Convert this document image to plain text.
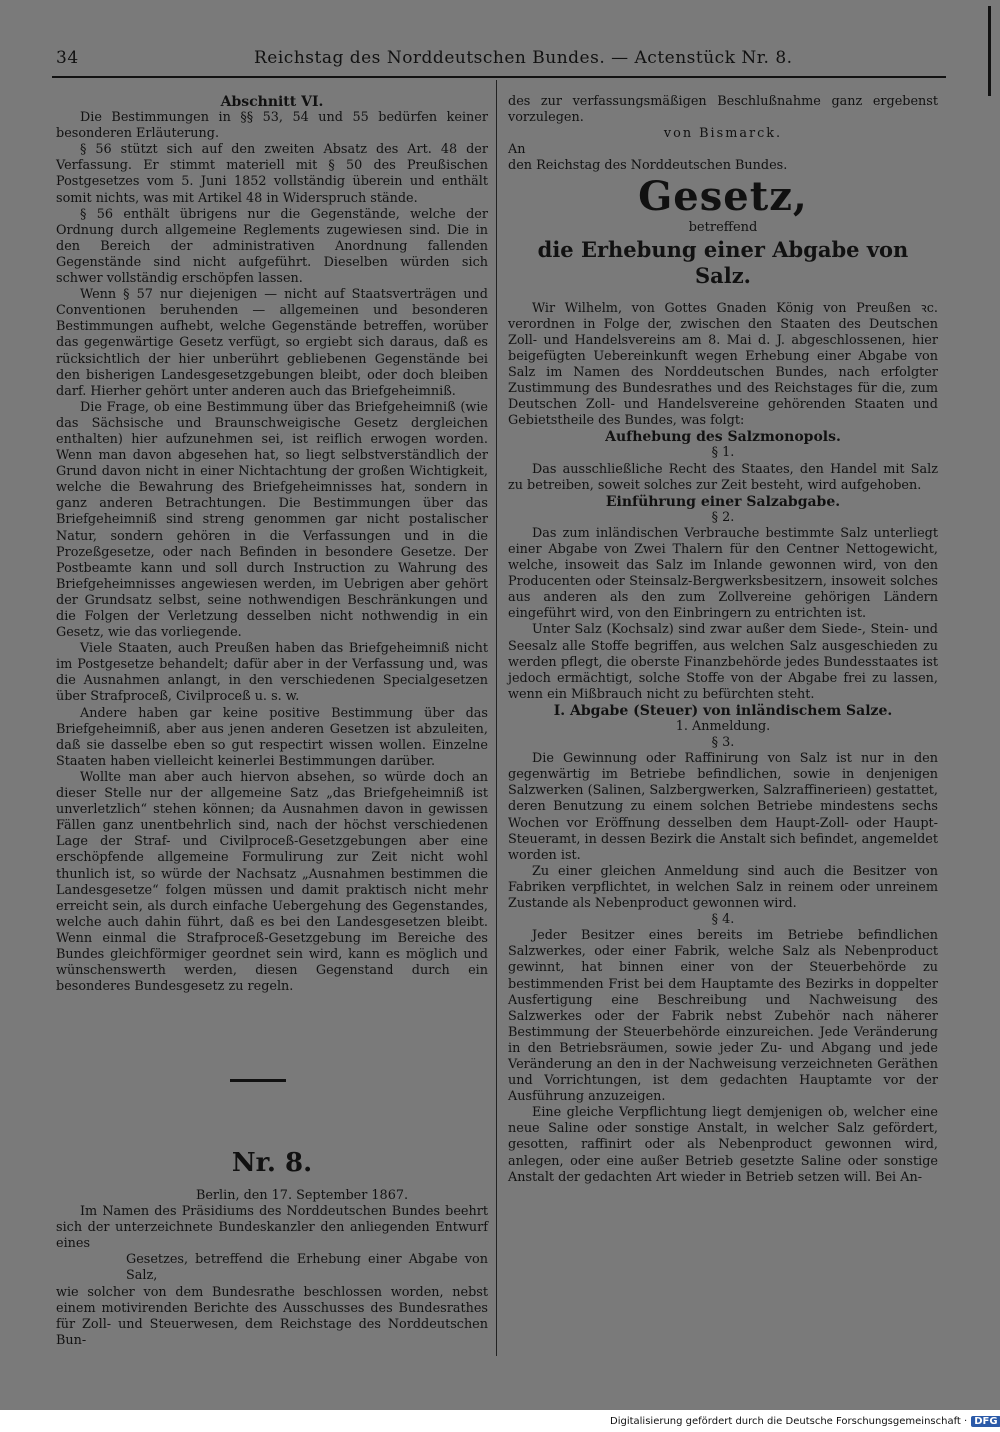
34	Reichstag des Norddeutschen Bundes. — Actenstück Nr. 8.

Abschnitt VI.

Die Bestimmungen in §§ 53, 54 und 55 bedürfen keiner besonderen Erläuterung.

§ 56 stützt sich auf den zweiten Absatz des Art. 48 der Verfassung. Er stimmt materiell mit § 50 des Preußischen Postgesetzes vom 5. Juni 1852 vollständig überein und enthält somit nichts, was mit Artikel 48 in Widerspruch stände.

§ 56 enthält übrigens nur die Gegenstände, welche der Ordnung durch allgemeine Reglements zugewiesen sind. Die in den Bereich der administrativen Anordnung fallenden Gegenstände sind nicht aufgeführt. Dieselben würden sich schwer vollständig erschöpfen lassen.

Wenn § 57 nur diejenigen — nicht auf Staatsverträgen und Conventionen beruhenden — allgemeinen und besonderen Bestimmungen aufhebt, welche Gegenstände betreffen, worüber das gegenwärtige Gesetz verfügt, so ergiebt sich daraus, daß es rücksichtlich der hier unberührt gebliebenen Gegenstände bei den bisherigen Landesgesetzgebungen bleibt, oder doch bleiben darf. Hierher gehört unter anderen auch das Briefgeheimniß.

Die Frage, ob eine Bestimmung über das Briefgeheimniß (wie das Sächsische und Braunschweigische Gesetz dergleichen enthalten) hier aufzunehmen sei, ist reiflich erwogen worden. Wenn man davon abgesehen hat, so liegt selbstverständlich der Grund davon nicht in einer Nichtachtung der großen Wichtigkeit, welche die Bewahrung des Briefgeheimnisses hat, sondern in ganz anderen Betrachtungen. Die Bestimmungen über das Briefgeheimniß sind streng genommen gar nicht postalischer Natur, sondern gehören in die Verfassungen und in die Prozeßgesetze, oder nach Befinden in besondere Gesetze. Der Postbeamte kann und soll durch Instruction zu Wahrung des Briefgeheimnisses angewiesen werden, im Uebrigen aber gehört der Grundsatz selbst, seine nothwendigen Beschränkungen und die Folgen der Verletzung desselben nicht nothwendig in ein Gesetz, wie das vorliegende.

Viele Staaten, auch Preußen haben das Briefgeheimniß nicht im Postgesetze behandelt; dafür aber in der Verfassung und, was die Ausnahmen anlangt, in den verschiedenen Specialgesetzen über Strafproceß, Civilproceß u. s. w.

Andere haben gar keine positive Bestimmung über das Briefgeheimniß, aber aus jenen anderen Gesetzen ist abzuleiten, daß sie dasselbe eben so gut respectirt wissen wollen. Einzelne Staaten haben vielleicht keinerlei Bestimmungen darüber.

Wollte man aber auch hiervon absehen, so würde doch an dieser Stelle nur der allgemeine Satz „das Briefgeheimniß ist unverletzlich“ stehen können; da Ausnahmen davon in gewissen Fällen ganz unentbehrlich sind, nach der höchst verschiedenen Lage der Straf- und Civilproceß-Gesetzgebungen aber eine erschöpfende allgemeine Formulirung zur Zeit nicht wohl thunlich ist, so würde der Nachsatz „Ausnahmen bestimmen die Landesgesetze“ folgen müssen und damit praktisch nicht mehr erreicht sein, als durch einfache Uebergehung des Gegenstandes, welche auch dahin führt, daß es bei den Landesgesetzen bleibt. Wenn einmal die Strafproceß-Gesetzgebung im Bereiche des Bundes gleichförmiger geordnet sein wird, kann es möglich und wünschenswerth werden, diesen Gegenstand durch ein besonderes Bundesgesetz zu regeln.

Nr. 8.

Berlin, den 17. September 1867.

Im Namen des Präsidiums des Norddeutschen Bundes beehrt sich der unterzeichnete Bundeskanzler den anliegenden Entwurf eines

Gesetzes, betreffend die Erhebung einer Abgabe von Salz,

wie solcher von dem Bundesrathe beschlossen worden, nebst einem motivirenden Berichte des Ausschusses des Bundesrathes für Zoll- und Steuerwesen, dem Reichstage des Norddeutschen Bun-

des zur verfassungsmäßigen Beschlußnahme ganz ergebenst vorzulegen.

von Bismarck.

An

den Reichstag des Norddeutschen Bundes.

Gesetz,

betreffend

die Erhebung einer Abgabe von Salz.

Wir Wilhelm, von Gottes Gnaden König von Preußen ꝛc. verordnen in Folge der, zwischen den Staaten des Deutschen Zoll- und Handelsvereins am 8. Mai d. J. abgeschlossenen, hier beigefügten Uebereinkunft wegen Erhebung einer Abgabe von Salz im Namen des Norddeutschen Bundes, nach erfolgter Zustimmung des Bundesrathes und des Reichstages für die, zum Deutschen Zoll- und Handelsvereine gehörenden Staaten und Gebietstheile des Bundes, was folgt:

Aufhebung des Salzmonopols.

§ 1.

Das ausschließliche Recht des Staates, den Handel mit Salz zu betreiben, soweit solches zur Zeit besteht, wird aufgehoben.

Einführung einer Salzabgabe.

§ 2.

Das zum inländischen Verbrauche bestimmte Salz unterliegt einer Abgabe von Zwei Thalern für den Centner Nettogewicht, welche, insoweit das Salz im Inlande gewonnen wird, von den Producenten oder Steinsalz-Bergwerksbesitzern, insoweit solches aus anderen als den zum Zollvereine gehörigen Ländern eingeführt wird, von den Einbringern zu entrichten ist.

Unter Salz (Kochsalz) sind zwar außer dem Siede-, Stein- und Seesalz alle Stoffe begriffen, aus welchen Salz ausgeschieden zu werden pflegt, die oberste Finanzbehörde jedes Bundesstaates ist jedoch ermächtigt, solche Stoffe von der Abgabe frei zu lassen, wenn ein Mißbrauch nicht zu befürchten steht.

I. Abgabe (Steuer) von inländischem Salze.

1. Anmeldung.

§ 3.

Die Gewinnung oder Raffinirung von Salz ist nur in den gegenwärtig im Betriebe befindlichen, sowie in denjenigen Salzwerken (Salinen, Salzbergwerken, Salzraffinerieen) gestattet, deren Benutzung zu einem solchen Betriebe mindestens sechs Wochen vor Eröffnung desselben dem Haupt-Zoll- oder Haupt-Steueramt, in dessen Bezirk die Anstalt sich befindet, angemeldet worden ist.

Zu einer gleichen Anmeldung sind auch die Besitzer von Fabriken verpflichtet, in welchen Salz in reinem oder unreinem Zustande als Nebenproduct gewonnen wird.

§ 4.

Jeder Besitzer eines bereits im Betriebe befindlichen Salzwerkes, oder einer Fabrik, welche Salz als Nebenproduct gewinnt, hat binnen einer von der Steuerbehörde zu bestimmenden Frist bei dem Hauptamte des Bezirks in doppelter Ausfertigung eine Beschreibung und Nachweisung des Salzwerkes oder der Fabrik nebst Zubehör nach näherer Bestimmung der Steuerbehörde einzureichen. Jede Veränderung in den Betriebsräumen, sowie jeder Zu- und Abgang und jede Veränderung an den in der Nachweisung verzeichneten Geräthen und Vorrichtungen, ist dem gedachten Hauptamte vor der Ausführung anzuzeigen.

Eine gleiche Verpflichtung liegt demjenigen ob, welcher eine neue Saline oder sonstige Anstalt, in welcher Salz gefördert, gesotten, raffinirt oder als Nebenproduct gewonnen wird, anlegen, oder eine außer Betrieb gesetzte Saline oder sonstige Anstalt der gedachten Art wieder in Betrieb setzen will. Bei An-

Digitalisierung gefördert durch die Deutsche Forschungsgemeinschaft · DFG
